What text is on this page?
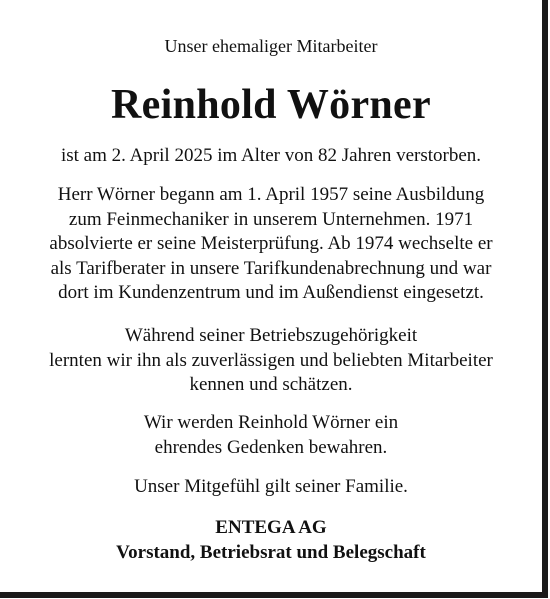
Unser ehemaliger Mitarbeiter
Reinhold Wörner
ist am 2. April 2025 im Alter von 82 Jahren verstorben.
Herr Wörner begann am 1. April 1957 seine Ausbildung
zum Feinmechaniker in unserem Unternehmen. 1971
absolvierte er seine Meisterprüfung. Ab 1974 wechselte er
als Tarifberater in unsere Tarifkundenabrechnung und war
dort im Kundenzentrum und im Außendienst eingesetzt.
Während seiner Betriebszugehörigkeit
lernten wir ihn als zuverlässigen und beliebten Mitarbeiter
kennen und schätzen.
Wir werden Reinhold Wörner ein
ehrendes Gedenken bewahren.
Unser Mitgefühl gilt seiner Familie.
ENTEGA AG
Vorstand, Betriebsrat und Belegschaft
